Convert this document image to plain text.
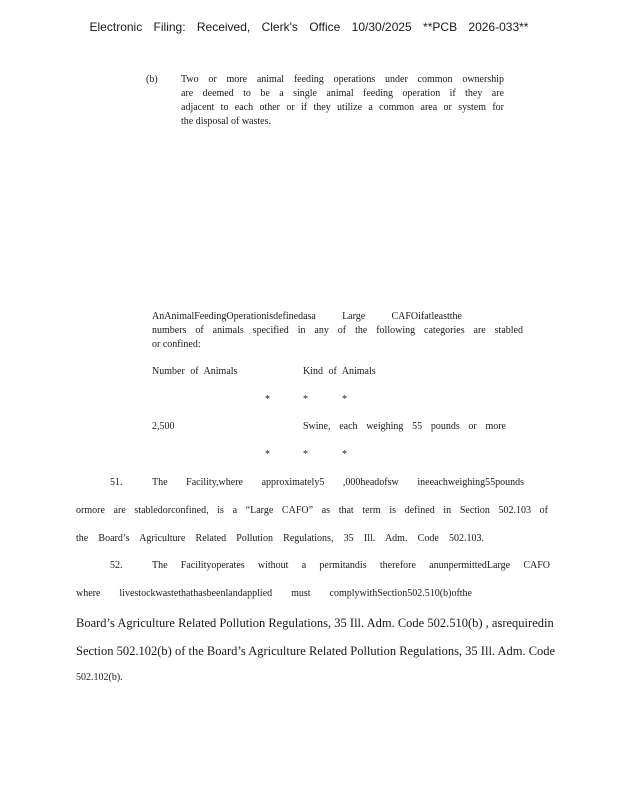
Electronic Filing: Received, Clerk's Office 10/30/2025 **PCB 2026-033**
(b) Two or more animal feeding operations under common ownership
are deemed to be a single animal feeding operation if they are
adjacent to each other or if they utilize a common area or system for
the disposal of wastes.
AnAnimalFeedingOperationisdefinedasa Large CAFOifatleastthe
numbers of animals specified in any of the following categories are stabled
or confined:
Number of Animals	Kind of Animals
*	*	*
2,500	Swine, each weighing 55 pounds or more
*	*	*
51.	The Facility,where approximately5 ,000headofsw ineeachweighing55pounds
ormore are stabledorconfined, is a “Large CAFO” as that term is defined in Section 502.103 of
the Board’s Agriculture Related Pollution Regulations, 35 Ill. Adm. Code 502.103.
52.	The Facilityoperates without a permitandis therefore anunpermittedLarge CAFO
where livestockwastethathasbeenlandapplied must complywithSection502.510(b)ofthe
Board’s Agriculture Related Pollution Regulations, 35 Ill. Adm. Code 502.510(b) , asrequiredin
Section 502.102(b) of the Board’s Agriculture Related Pollution Regulations, 35 Ill. Adm. Code
502.102(b).
